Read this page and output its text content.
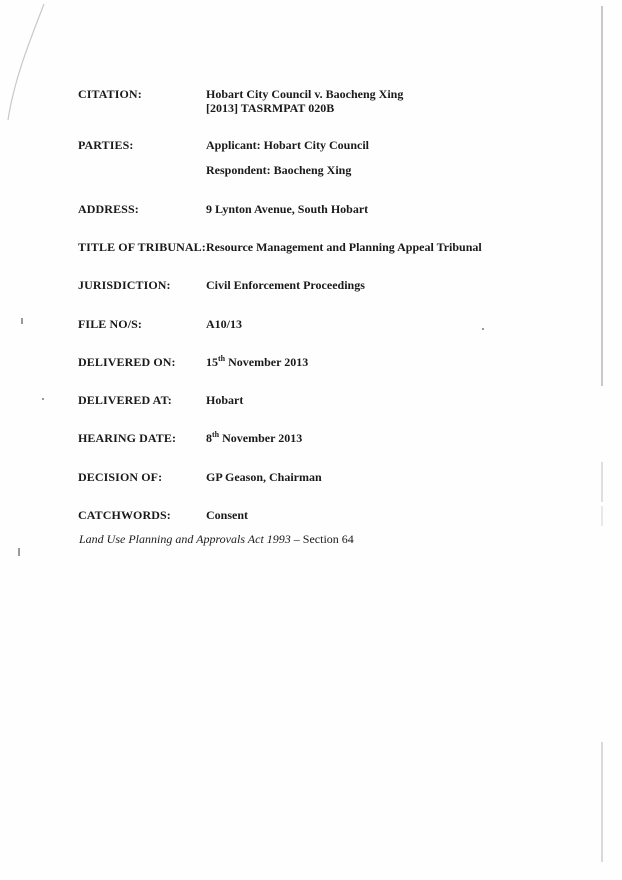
CITATION:	Hobart City Council v. Baocheng Xing
[2013] TASRMPAT 020B
PARTIES:	Applicant: Hobart City Council
Respondent: Baocheng Xing
ADDRESS:	9 Lynton Avenue, South Hobart
TITLE OF TRIBUNAL: Resource Management and Planning Appeal Tribunal
JURISDICTION:	Civil Enforcement Proceedings
FILE NO/S:	A10/13
DELIVERED ON:	15th November 2013
DELIVERED AT:	Hobart
HEARING DATE: 8th November 2013
DECISION OF:	GP Geason, Chairman
CATCHWORDS:	Consent
Land Use Planning and Approvals Act 1993 – Section 64
